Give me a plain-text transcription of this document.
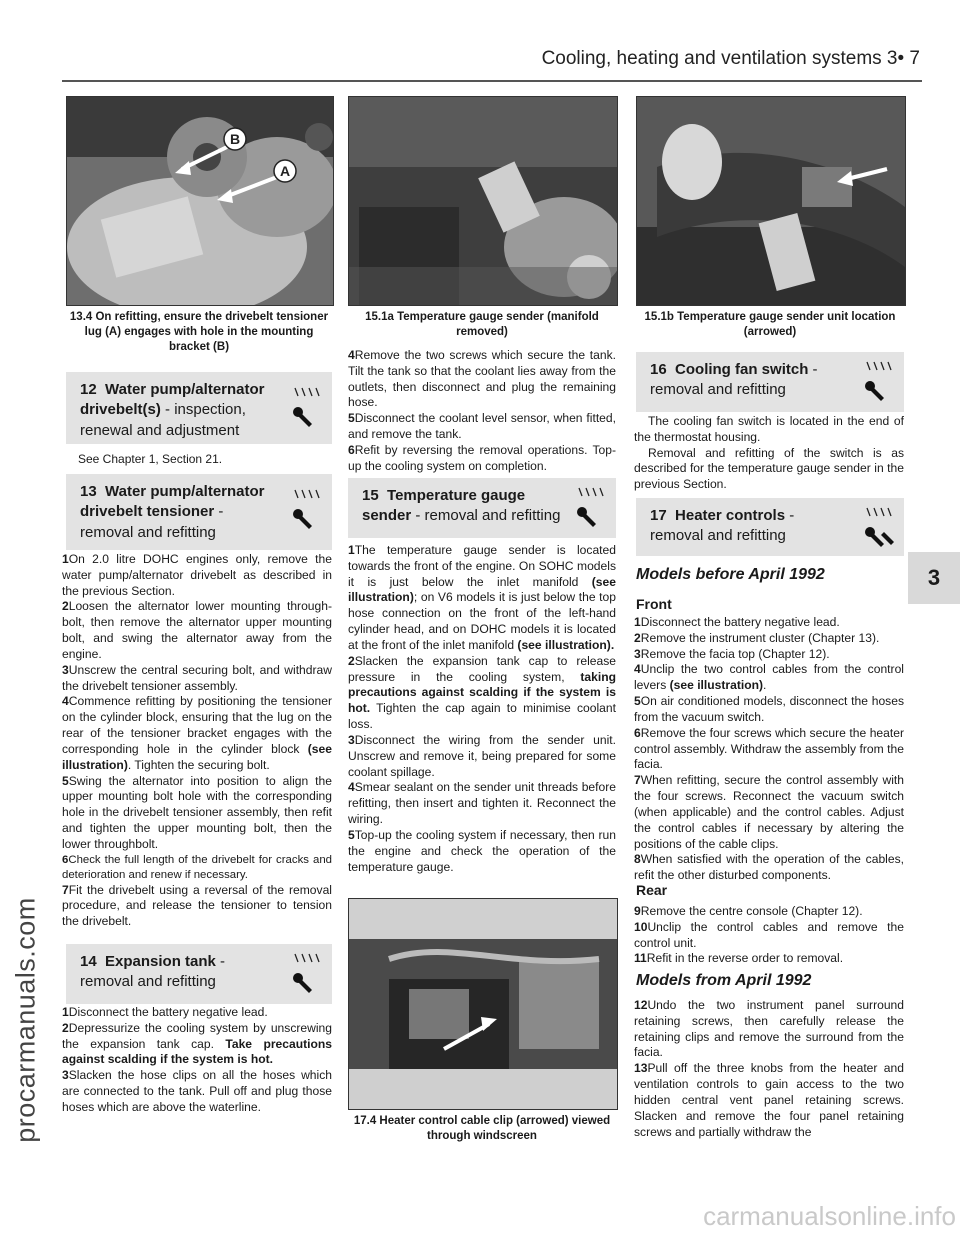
Cooling, heating and ventilation systems 3• 7
3
procarmanuals.com
carmanualsonline.info
B
A
13.4 On refitting, ensure the drivebelt tensioner lug (A) engages with hole in the mounting bracket (B)
15.1a Temperature gauge sender (manifold removed)
15.1b Temperature gauge sender unit location (arrowed)
17.4 Heater control cable clip (arrowed) viewed through windscreen
12 Water pump/alternator drivebelt(s) - inspection, renewal and adjustment
See Chapter 1, Section 21.
13 Water pump/alternator drivebelt tensioner - removal and refitting

1On 2.0 litre DOHC engines only, remove the water pump/alternator drivebelt as described in the previous Section.

2Loosen the alternator lower mounting through-bolt, then remove the alternator upper mounting bolt, and swing the alternator away from the engine.

3Unscrew the central securing bolt, and withdraw the drivebelt tensioner assembly.

4Commence refitting by positioning the tensioner on the cylinder block, ensuring that the lug on the rear of the tensioner bracket engages with the corresponding hole in the cylinder block (see illustration). Tighten the securing bolt.

5Swing the alternator into position to align the upper mounting bolt hole with the corresponding hole in the drivebelt tensioner assembly, then refit and tighten the upper mounting bolt, then the lower throughbolt.

6Check the full length of the drivebelt for cracks and deterioration and renew if necessary.

7Fit the drivebelt using a reversal of the removal procedure, and release the tensioner to tension the drivebelt.

14 Expansion tank - removal and refitting

1Disconnect the battery negative lead.

2Depressurize the cooling system by unscrewing the expansion tank cap. Take precautions against scalding if the system is hot.

3Slacken the hose clips on all the hoses which are connected to the tank. Pull off and plug those hoses which are above the waterline.

4Remove the two screws which secure the tank. Tilt the tank so that the coolant lies away from the outlets, then disconnect and plug the remaining hose.

5Disconnect the coolant level sensor, when fitted, and remove the tank.

6Refit by reversing the removal operations. Top-up the cooling system on completion.

15 Temperature gauge sender - removal and refitting

1The temperature gauge sender is located towards the front of the engine. On SOHC models it is just below the inlet manifold (see illustration); on V6 models it is just below the top hose connection on the front of the left-hand cylinder head, and on DOHC models it is located at the front of the inlet manifold (see illustration).

2Slacken the expansion tank cap to release pressure in the cooling system, taking precautions against scalding if the system is hot. Tighten the cap again to minimise coolant loss.

3Disconnect the wiring from the sender unit. Unscrew and remove it, being prepared for some coolant spillage.

4Smear sealant on the sender unit threads before refitting, then insert and tighten it. Reconnect the wiring.

5Top-up the cooling system if necessary, then run the engine and check the operation of the temperature gauge.

16 Cooling fan switch - removal and refitting

The cooling fan switch is located in the end of the thermostat housing.

Removal and refitting of the switch is as described for the temperature gauge sender in the previous Section.

17 Heater controls - removal and refitting
Models before April 1992
Front

1Disconnect the battery negative lead.

2Remove the instrument cluster (Chapter 13).

3Remove the facia top (Chapter 12).

4Unclip the two control cables from the control levers (see illustration).

5On air conditioned models, disconnect the hoses from the vacuum switch.

6Remove the four screws which secure the heater control assembly. Withdraw the assembly from the facia.

7When refitting, secure the control assembly with the four screws. Reconnect the vacuum switch (when applicable) and the control cables. Adjust the control cables if necessary by altering the positions of the cable clips.

8When satisfied with the operation of the cables, refit the other disturbed components.

Rear

9Remove the centre console (Chapter 12).

10Unclip the control cables and remove the control unit.

11Refit in the reverse order to removal.

Models from April 1992

12Undo the two instrument panel surround retaining screws, then carefully release the retaining clips and remove the surround from the facia.

13Pull off the three knobs from the heater and ventilation controls to gain access to the two hidden central vent panel retaining screws. Slacken and remove the four panel retaining screws and partially withdraw the
